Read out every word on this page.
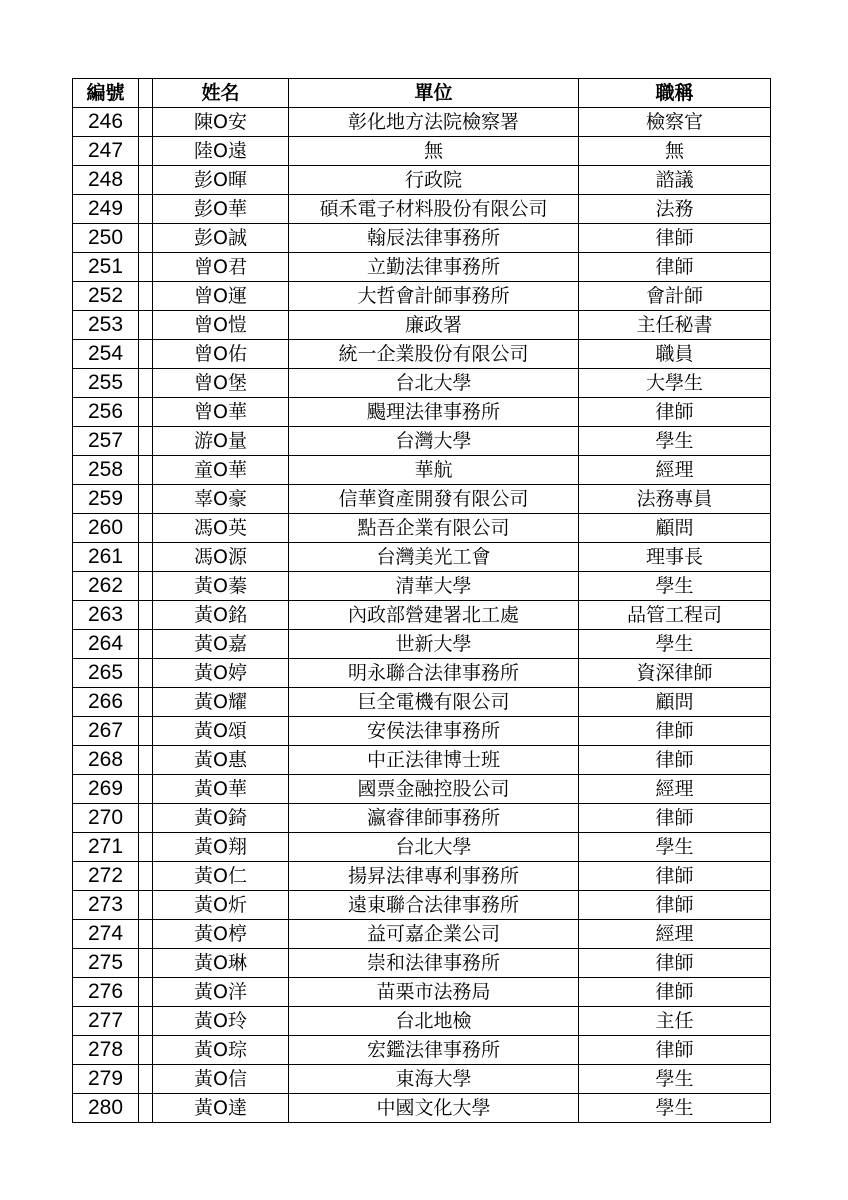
編號		姓名	單位	職稱
246		陳O安	彰化地方法院檢察署	檢察官
247		陸O遠	無	無
248		彭O暉	行政院	諮議
249		彭O華	碩禾電子材料股份有限公司	法務
250		彭O誠	翰辰法律事務所	律師
251		曾O君	立勤法律事務所	律師
252		曾O運	大哲會計師事務所	會計師
253		曾O愷	廉政署	主任秘書
254		曾O佑	統一企業股份有限公司	職員
255		曾O堡	台北大學	大學生
256		曾O華	颺理法律事務所	律師
257		游O量	台灣大學	學生
258		童O華	華航	經理
259		辜O豪	信華資產開發有限公司	法務專員
260		馮O英	點吾企業有限公司	顧問
261		馮O源	台灣美光工會	理事長
262		黃O蓁	清華大學	學生
263		黃O銘	內政部營建署北工處	品管工程司
264		黃O嘉	世新大學	學生
265		黃O婷	明永聯合法律事務所	資深律師
266		黃O耀	巨全電機有限公司	顧問
267		黃O頌	安侯法律事務所	律師
268		黃O惠	中正法律博士班	律師
269		黃O華	國票金融控股公司	經理
270		黃O錡	瀛睿律師事務所	律師
271		黃O翔	台北大學	學生
272		黃O仁	揚昇法律專利事務所	律師
273		黃O炘	遠東聯合法律事務所	律師
274		黃O楟	益可嘉企業公司	經理
275		黃O琳	崇和法律事務所	律師
276		黃O洋	苗栗市法務局	律師
277		黃O玲	台北地檢	主任
278		黃O琮	宏鑑法律事務所	律師
279		黃O信	東海大學	學生
280		黃O達	中國文化大學	學生
